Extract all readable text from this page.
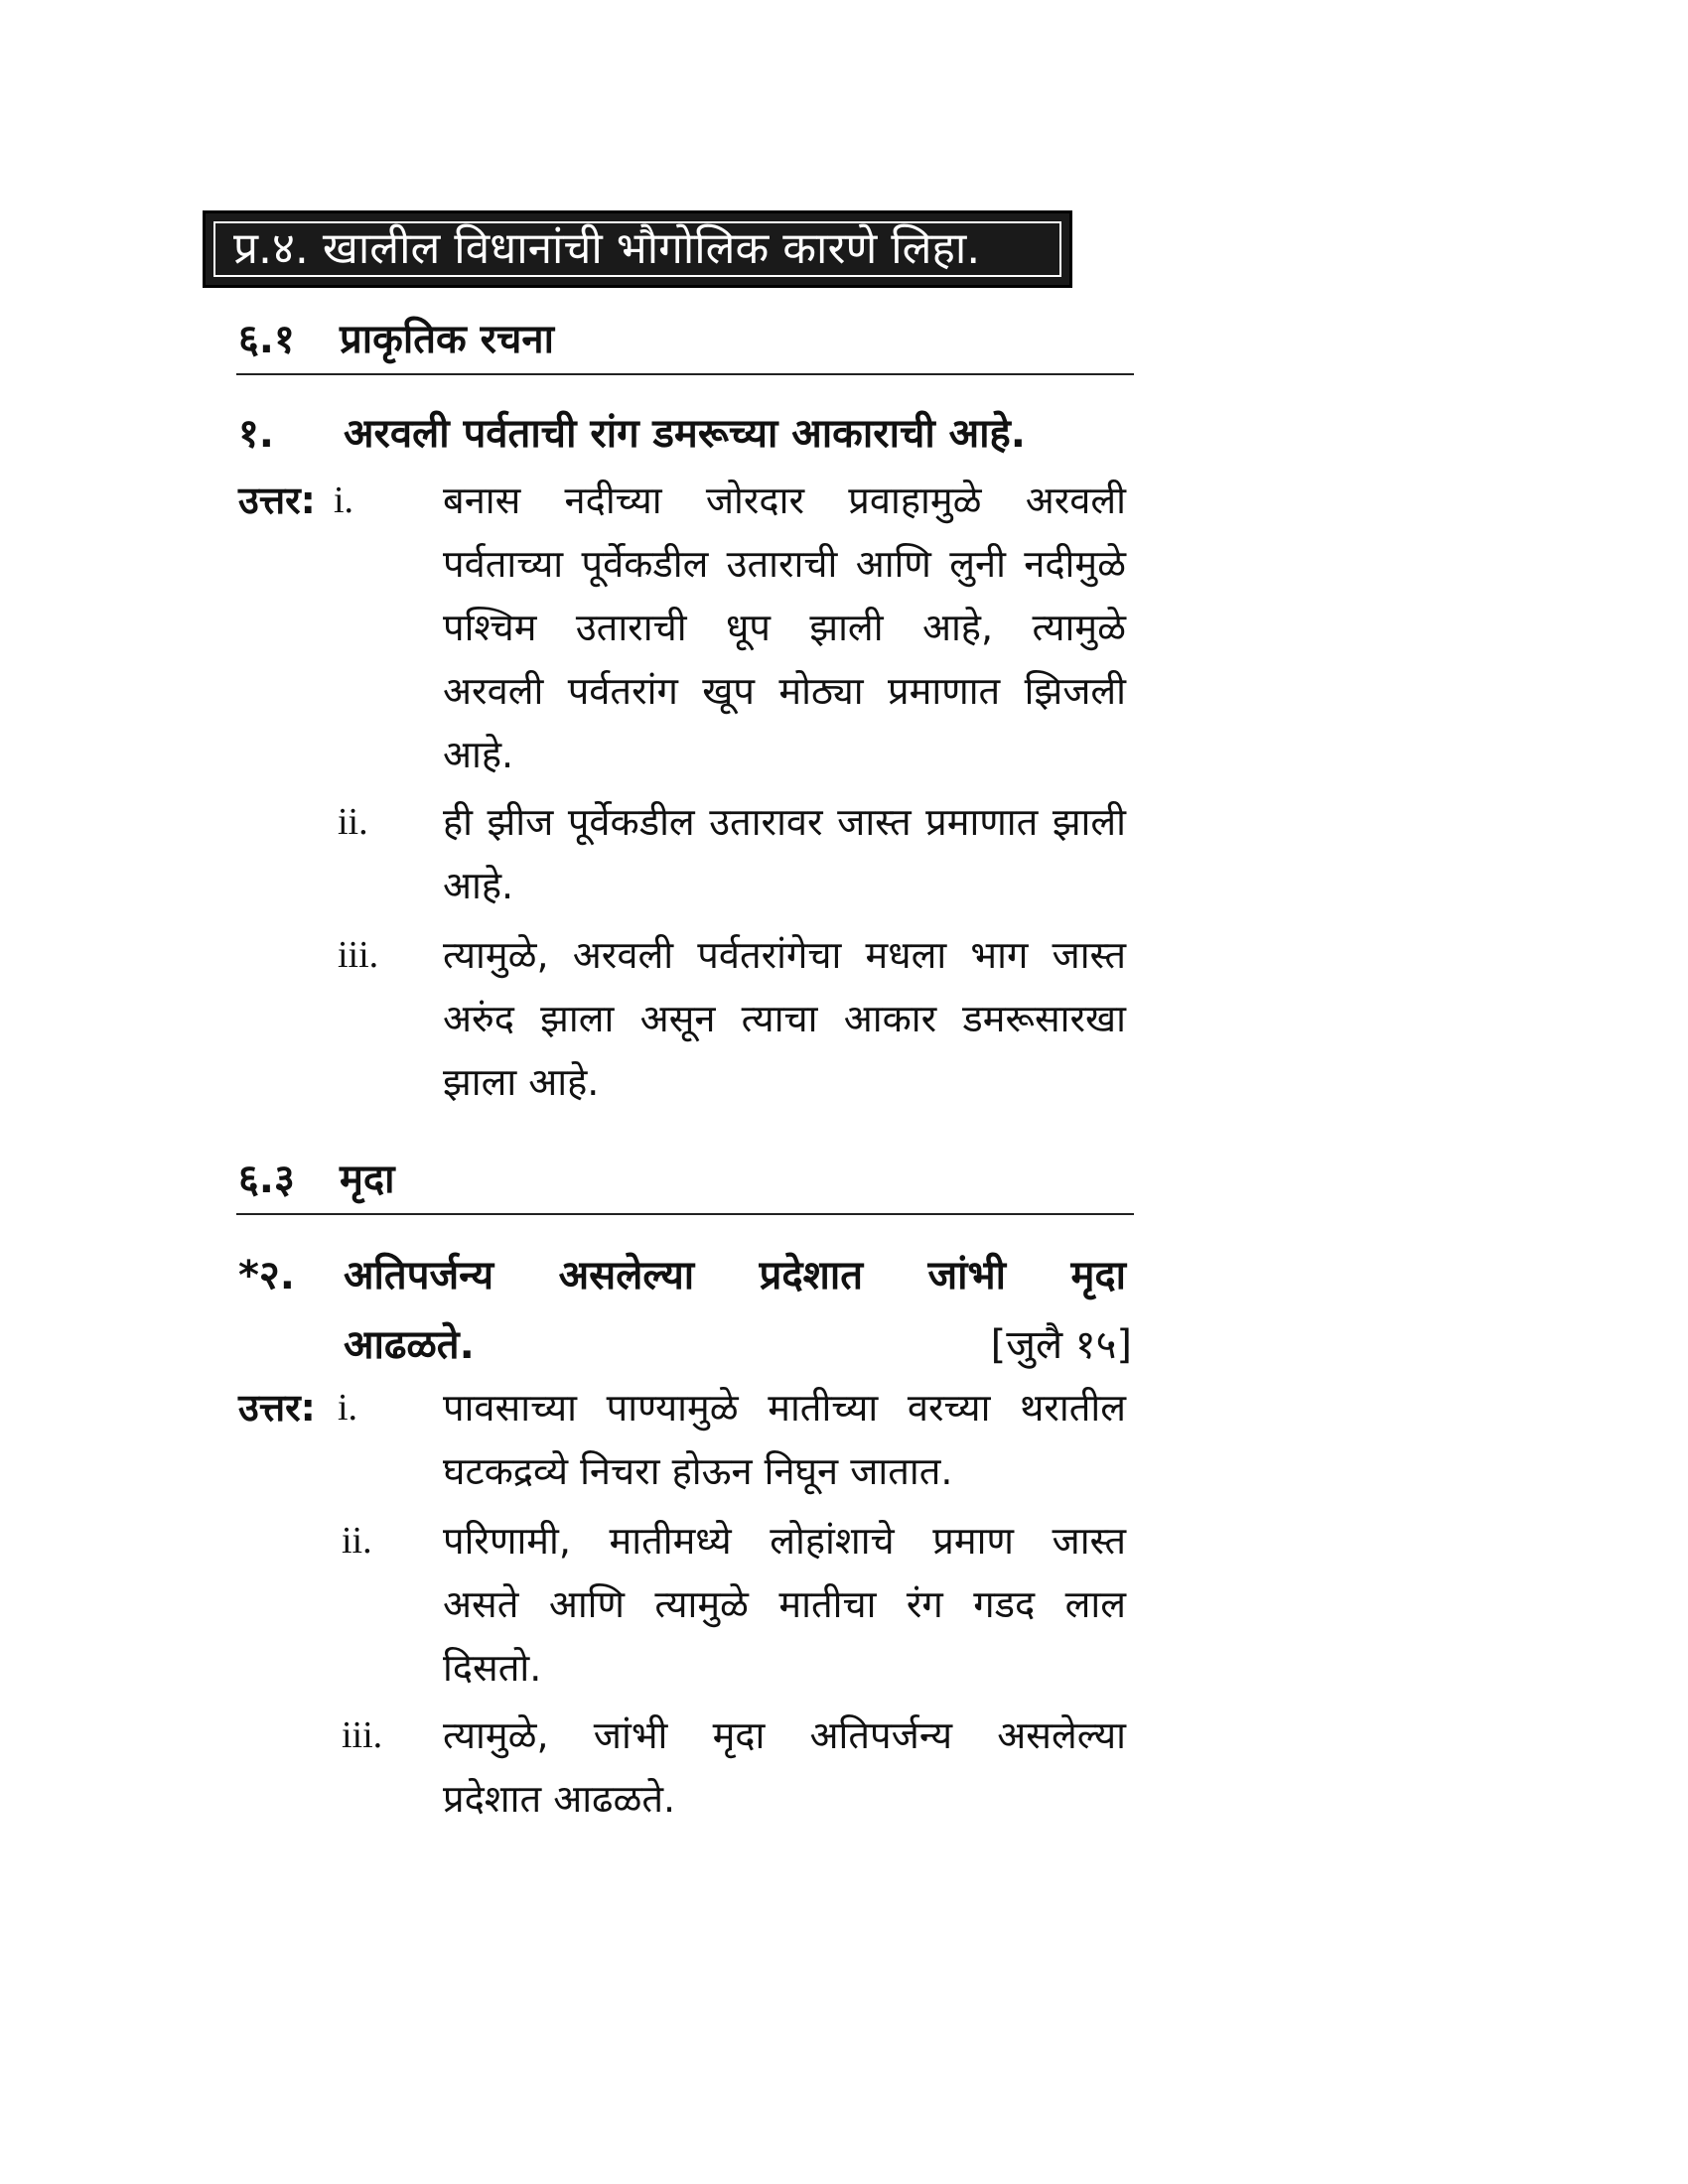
प्र.४. खालील विधानांची भौगोलिक कारणे लिहा.
६.१ प्राकृतिक रचना
१. अरवली पर्वताची रांग डमरूच्या आकाराची आहे.
उत्तर: i. बनास नदीच्या जोरदार प्रवाहामुळे अरवली
पर्वताच्या पूर्वेकडील उताराची आणि लुनी नदीमुळे
पश्चिम उताराची धूप झाली आहे, त्यामुळे
अरवली पर्वतरांग खूप मोठ्या प्रमाणात झिजली
आहे.
ii. ही झीज पूर्वेकडील उतारावर जास्त प्रमाणात झाली
आहे.
iii. त्यामुळे, अरवली पर्वतरांगेचा मधला भाग जास्त
अरुंद झाला असून त्याचा आकार डमरूसारखा
झाला आहे.
६.३ मृदा
*२. अतिपर्जन्य असलेल्या प्रदेशात जांभी मृदा
आढळते.	[जुलै १५]
उत्तर: i. पावसाच्या पाण्यामुळे मातीच्या वरच्या थरातील
घटकद्रव्ये निचरा होऊन निघून जातात.
ii. परिणामी, मातीमध्ये लोहांशाचे प्रमाण जास्त
असते आणि त्यामुळे मातीचा रंग गडद लाल
दिसतो.
iii. त्यामुळे, जांभी मृदा अतिपर्जन्य असलेल्या
प्रदेशात आढळते.
